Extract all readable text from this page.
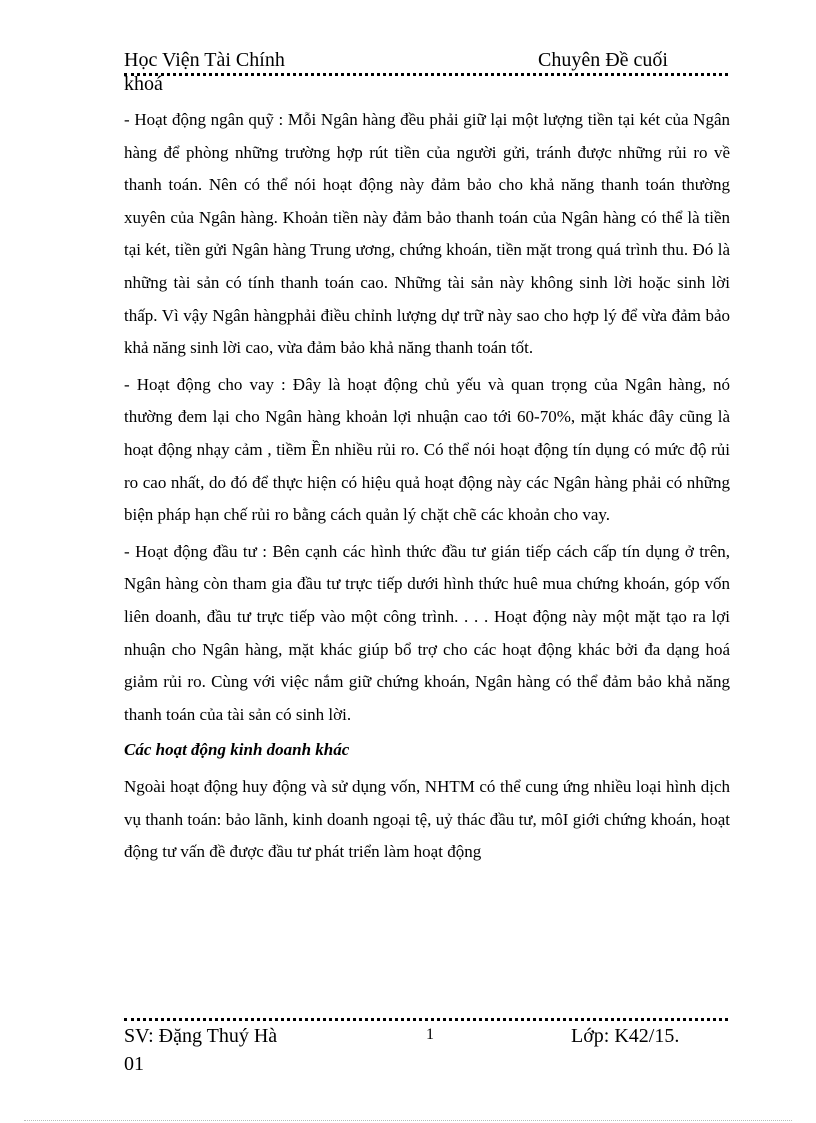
Học Viện Tài Chính	Chuyên Đề cuối
khoá

- Hoạt động ngân quỹ : Mỗi Ngân hàng đều phải giữ lại một lượng tiền tại két của Ngân hàng để phòng những trường hợp rút tiền của người gửi, tránh được những rủi ro về thanh toán. Nên có thể nói hoạt động này đảm bảo cho khả năng thanh toán thường xuyên của Ngân hàng. Khoản tiền này đảm bảo thanh toán của Ngân hàng có thể là tiền tại két, tiền gửi Ngân hàng Trung ương, chứng khoán, tiền mặt trong quá trình thu. Đó là những tài sản có tính thanh toán cao. Những tài sản này không sinh lời hoặc sinh lời thấp. Vì vậy Ngân hàngphải điều chỉnh lượng dự trữ này sao cho hợp lý để vừa đảm bảo khả năng sinh lời cao, vừa đảm bảo khả năng thanh toán tốt.

- Hoạt động cho vay : Đây là hoạt động chủ yếu và quan trọng của Ngân hàng, nó thường đem lại cho Ngân hàng khoản lợi nhuận cao tới 60-70%, mặt khác đây cũng là hoạt động nhạy cảm , tiềm Ền nhiều rủi ro. Có thể nói hoạt động tín dụng có mức độ rủi ro cao nhất, do đó để thực hiện có hiệu quả hoạt động này các Ngân hàng phải có những biện pháp hạn chế rủi ro bằng cách quản lý chặt chẽ các khoản cho vay.

- Hoạt động đầu tư : Bên cạnh các hình thức đầu tư gián tiếp cách cấp tín dụng ở trên, Ngân hàng còn tham gia đầu tư trực tiếp dưới hình thức huê mua chứng khoán, góp vốn liên doanh, đầu tư trực tiếp vào một công trình. . . . Hoạt động này một mặt tạo ra lợi nhuận cho Ngân hàng, mặt khác giúp bổ trợ cho các hoạt động khác bởi đa dạng hoá giảm rủi ro. Cùng với việc nắm giữ chứng khoán, Ngân hàng có thể đảm bảo khả năng thanh toán của tài sản có sinh lời.

Các hoạt động kinh doanh khác

Ngoài hoạt động huy động và sử dụng vốn, NHTM có thể cung ứng nhiều loại hình dịch vụ thanh toán: bảo lãnh, kinh doanh ngoại tệ, uỷ thác đầu tư, môI giới chứng khoán, hoạt động tư vấn đề được đầu tư phát triển làm hoạt động

SV: Đặng Thuý Hà	1	Lớp: K42/15.
01
